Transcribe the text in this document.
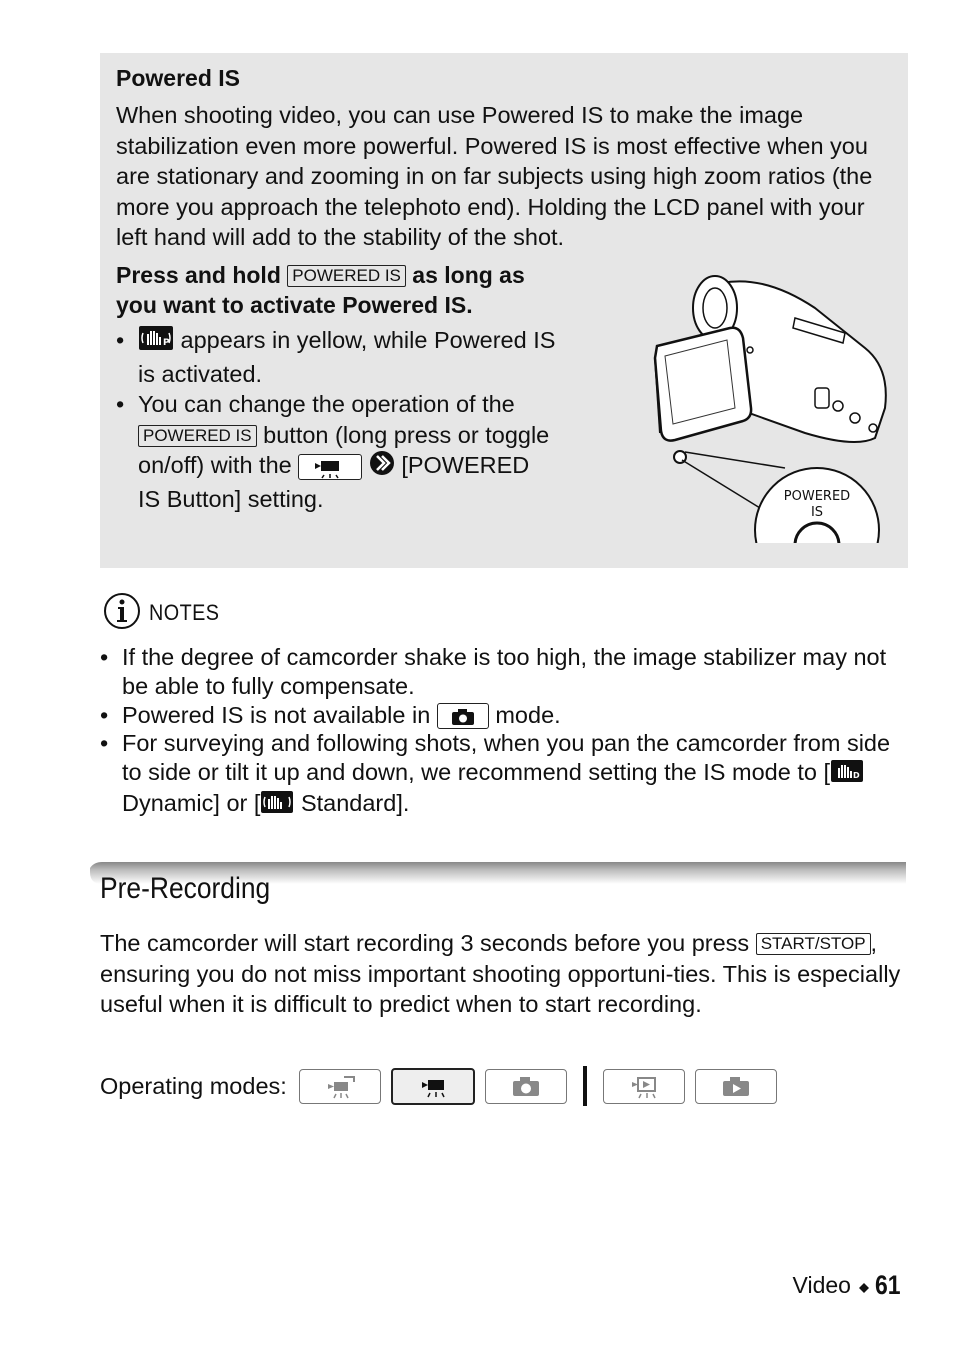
Powered IS
When shooting video, you can use Powered IS to make the image stabilization even more powerful. Powered IS is most effective when you are stationary and zooming in on far subjects using high zoom ratios (the more you approach the telephoto end). Holding the LCD panel with your left hand will add to the stability of the shot.
Press and hold POWERED IS as long as you want to activate Powered IS.
• P appears in yellow, while Powered IS is activated.
• You can change the operation of the POWERED IS button (long press or toggle on/off) with the	[POWERED IS Button] setting.	POWERED
IS
NOTES
• If the degree of camcorder shake is too high, the image stabilizer may not be able to fully compensate.
• Powered IS is not available in	mode.
• For surveying and following shots, when you pan the camcorder from side to side or tilt it up and down, we recommend setting the IS mode to [	D
Dynamic] or [ Standard].
Pre-Recording
The camcorder will start recording 3 seconds before you press START/STOP , ensuring you do not miss important shooting opportuni-ties. This is especially useful when it is difficult to predict when to start recording.
Operating modes:
Video 61
